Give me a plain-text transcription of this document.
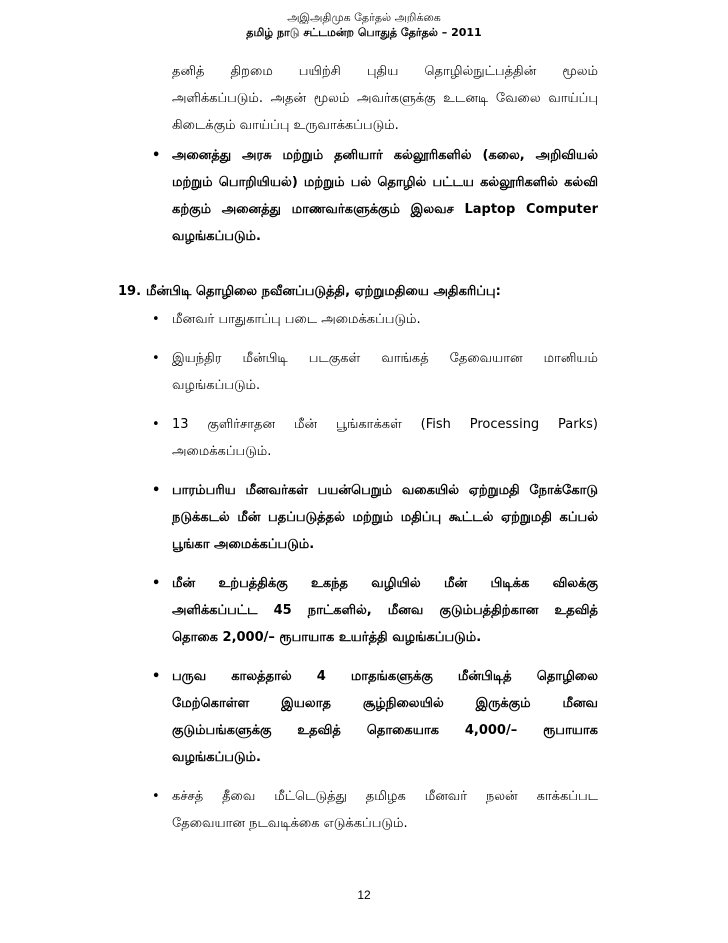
அஇஅதிமுக தேர்தல் அறிக்கை
தமிழ் நாடு சட்டமன்ற பொதுத் தேர்தல் – 2011
தனித் திறமை பயிற்சி புதிய தொழில்நுட்பத்தின் மூலம்
அளிக்கப்படும். அதன் மூலம் அவர்களுக்கு உடனடி வேலை வாய்ப்பு
கிடைக்கும் வாய்ப்பு உருவாக்கப்படும்.
• அனைத்து அரசு மற்றும் தனியார் கல்லூரிகளில் (கலை, அறிவியல்
மற்றும் பொறியியல்) மற்றும் பல் தொழில் பட்டய கல்லூரிகளில் கல்வி
கற்கும் அனைத்து மாணவர்களுக்கும் இலவச Laptop Computer
வழங்கப்படும்.
19. மீன்பிடி தொழிலை நவீனப்படுத்தி, ஏற்றுமதியை அதிகரிப்பு:
• மீனவர் பாதுகாப்பு படை அமைக்கப்படும்.
• இயந்திர மீன்பிடி படகுகள் வாங்கத் தேவையான மானியம்
வழங்கப்படும்.
• 13 குளிர்சாதன மீன் பூங்காக்கள் (Fish Processing Parks)
அமைக்கப்படும்.
• பாரம்பரிய மீனவர்கள் பயன்பெறும் வகையில் ஏற்றுமதி நோக்கோடு
நடுக்கடல் மீன் பதப்படுத்தல் மற்றும் மதிப்பு கூட்டல் ஏற்றுமதி கப்பல்
பூங்கா அமைக்கப்படும்.
• மீன் உற்பத்திக்கு உகந்த வழியில் மீன் பிடிக்க விலக்கு
அளிக்கப்பட்ட 45 நாட்களில், மீனவ குடும்பத்திற்கான உதவித்
தொகை 2,000/– ரூபாயாக உயர்த்தி வழங்கப்படும்.
• பருவ காலத்தால் 4 மாதங்களுக்கு மீன்பிடித் தொழிலை
மேற்கொள்ள இயலாத சூழ்நிலையில் இருக்கும் மீனவ
குடும்பங்களுக்கு உதவித் தொகையாக 4,000/– ரூபாயாக
வழங்கப்படும்.
• கச்சத் தீவை மீட்டெடுத்து தமிழக மீனவர் நலன் காக்கப்பட
தேவையான நடவடிக்கை எடுக்கப்படும்.
12
